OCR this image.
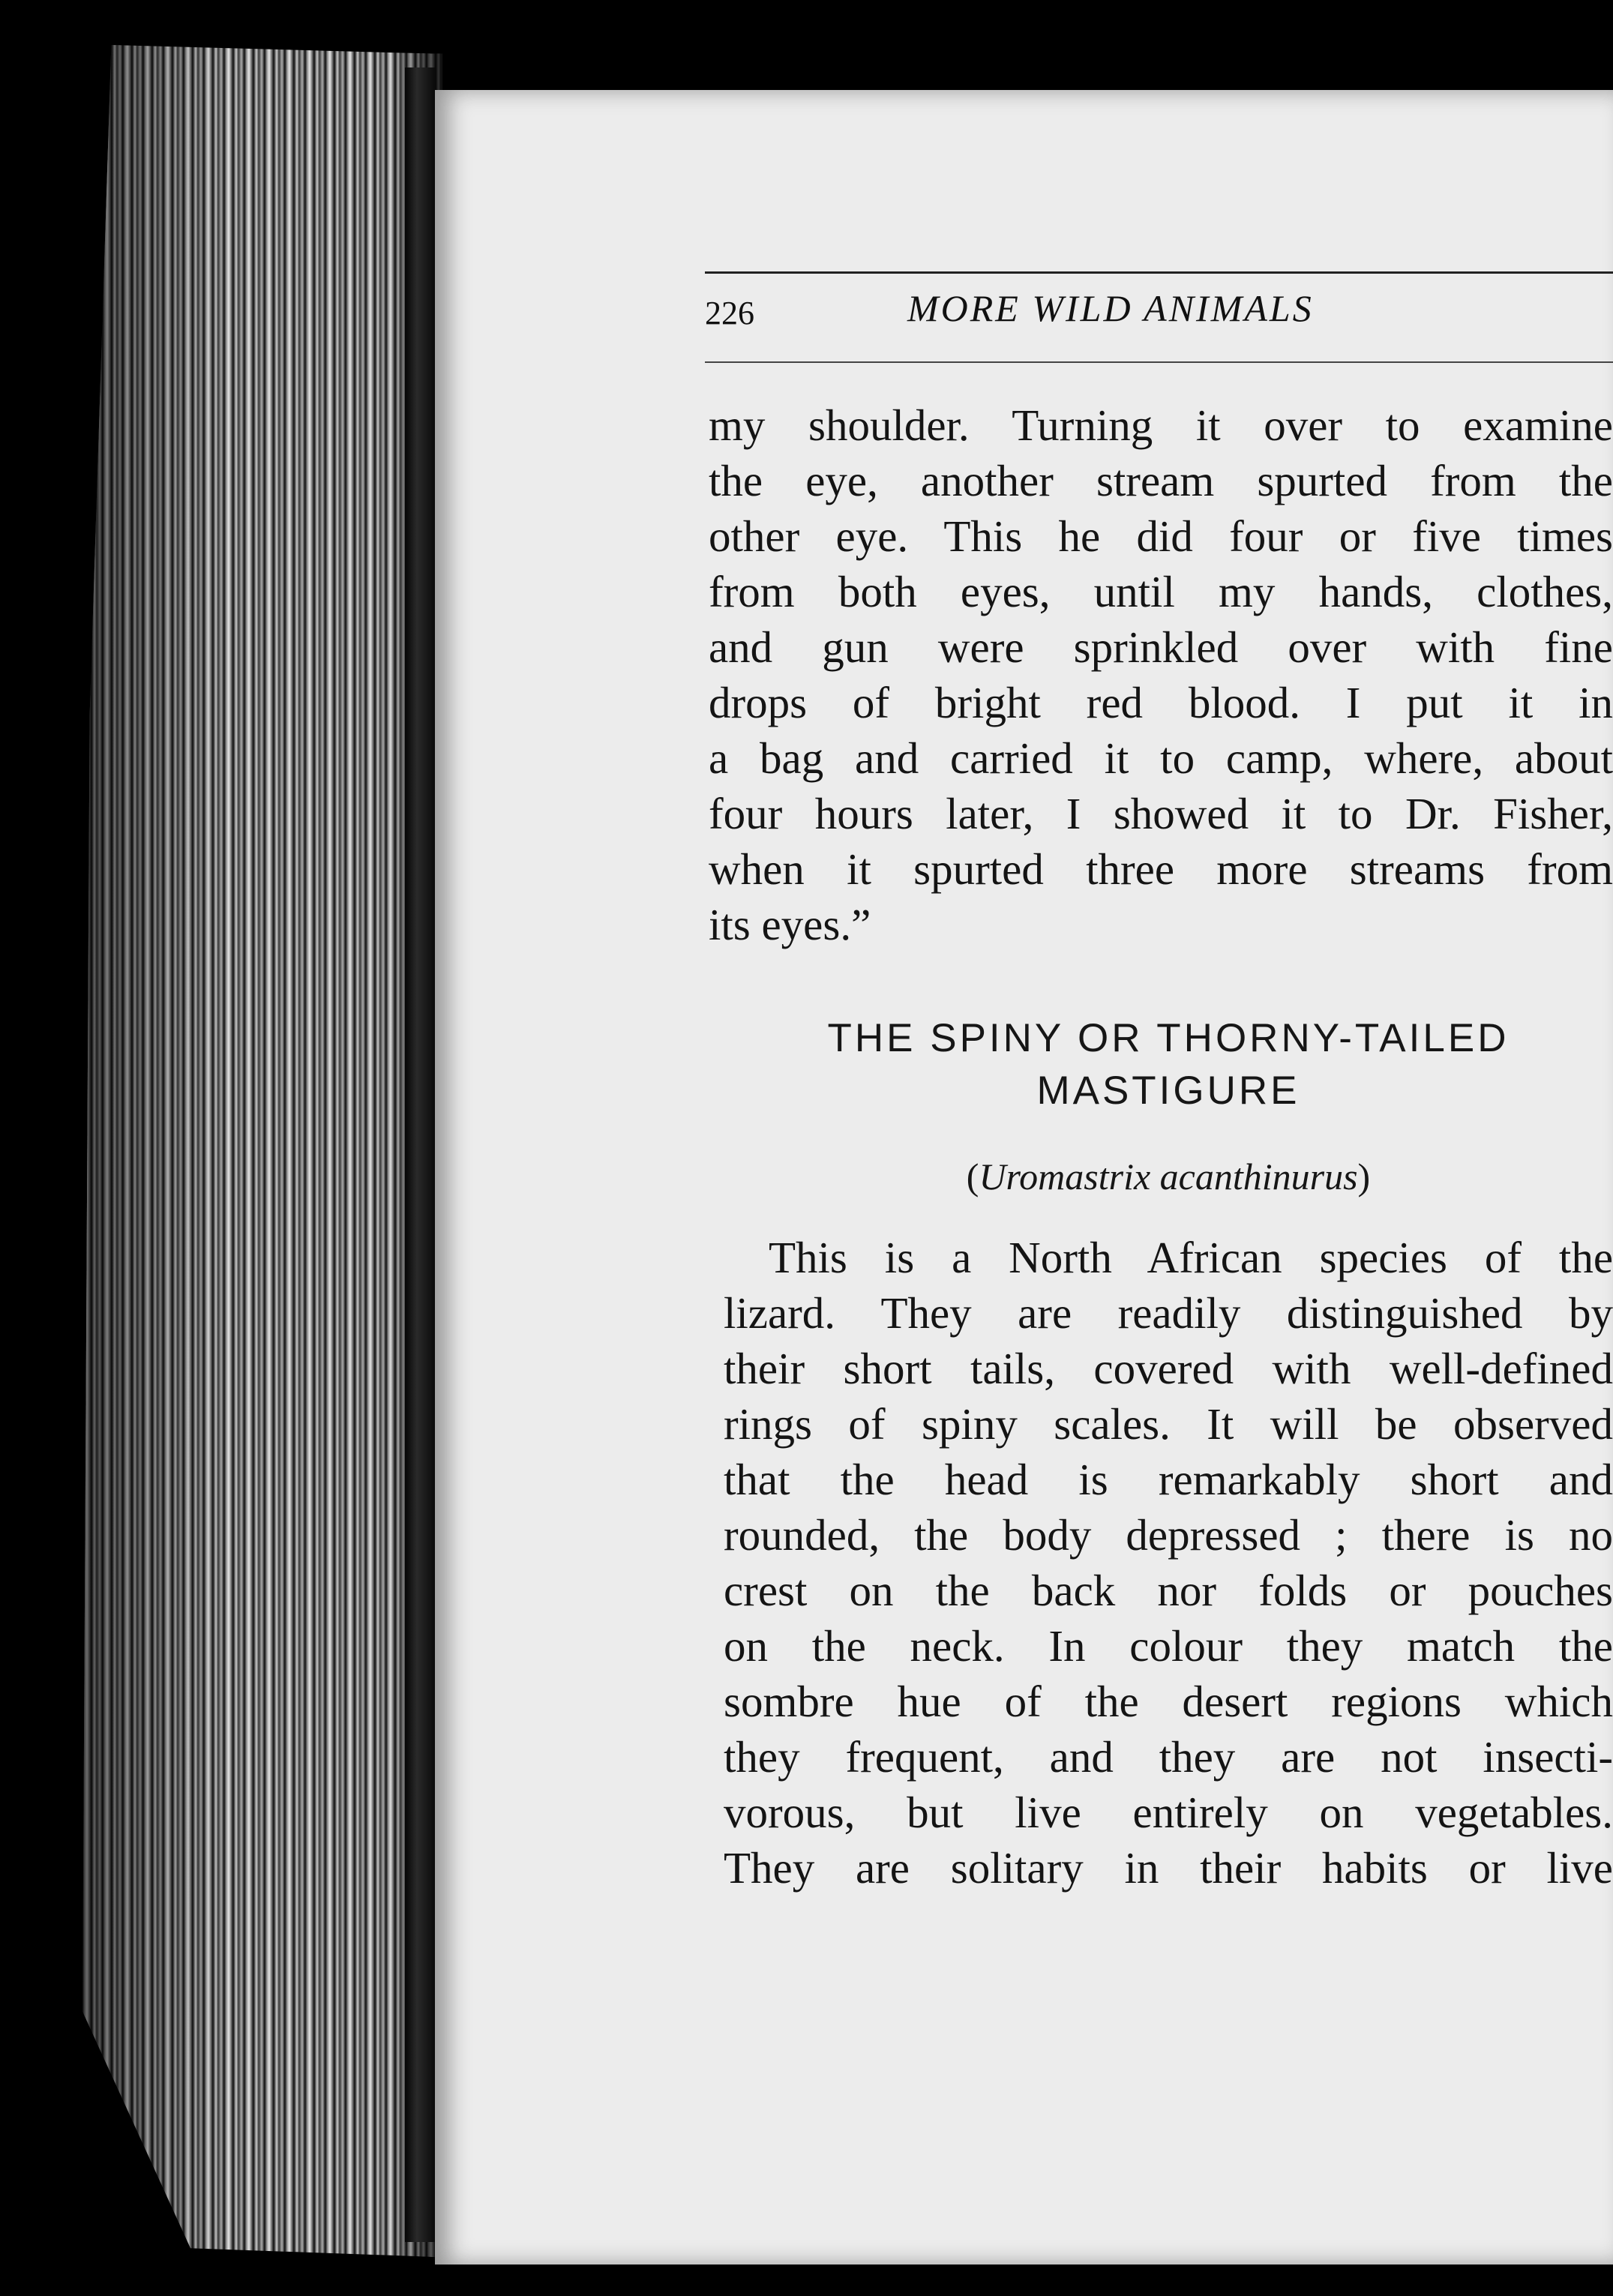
226	MORE WILD ANIMALS
my shoulder. Turning it over to examine
the eye, another stream spurted from the
other eye. This he did four or five times
from both eyes, until my hands, clothes,
and gun were sprinkled over with fine
drops of bright red blood. I put it in
a bag and carried it to camp, where, about
four hours later, I showed it to Dr. Fisher,
when it spurted three more streams from
its eyes.”
THE SPINY OR THORNY-TAILED
MASTIGURE
(Uromastrix acanthinurus)
This is a North African species of the
lizard. They are readily distinguished by
their short tails, covered with well-defined
rings of spiny scales. It will be observed
that the head is remarkably short and
rounded, the body depressed ; there is no
crest on the back nor folds or pouches
on the neck. In colour they match the
sombre hue of the desert regions which
they frequent, and they are not insecti-
vorous, but live entirely on vegetables.
They are solitary in their habits or live
